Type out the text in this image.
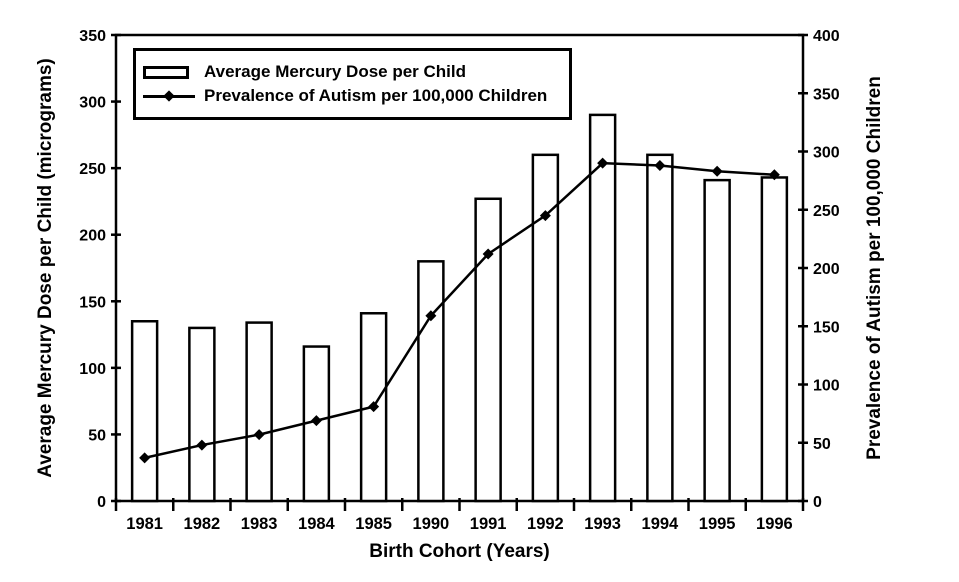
0
50
100
150
200
250
300
350
0
50
100
150
200
250
300
350
400
1981 1982 1983 1984 1985 1990 1991 1992 1993 1994 1995 1996
Average Mercury Dose per Child (micrograms)	Prevalence of Autism per 100,000 Children
Birth Cohort (Years)
Average Mercury Dose per Child
Prevalence of Autism per 100,000 Children
